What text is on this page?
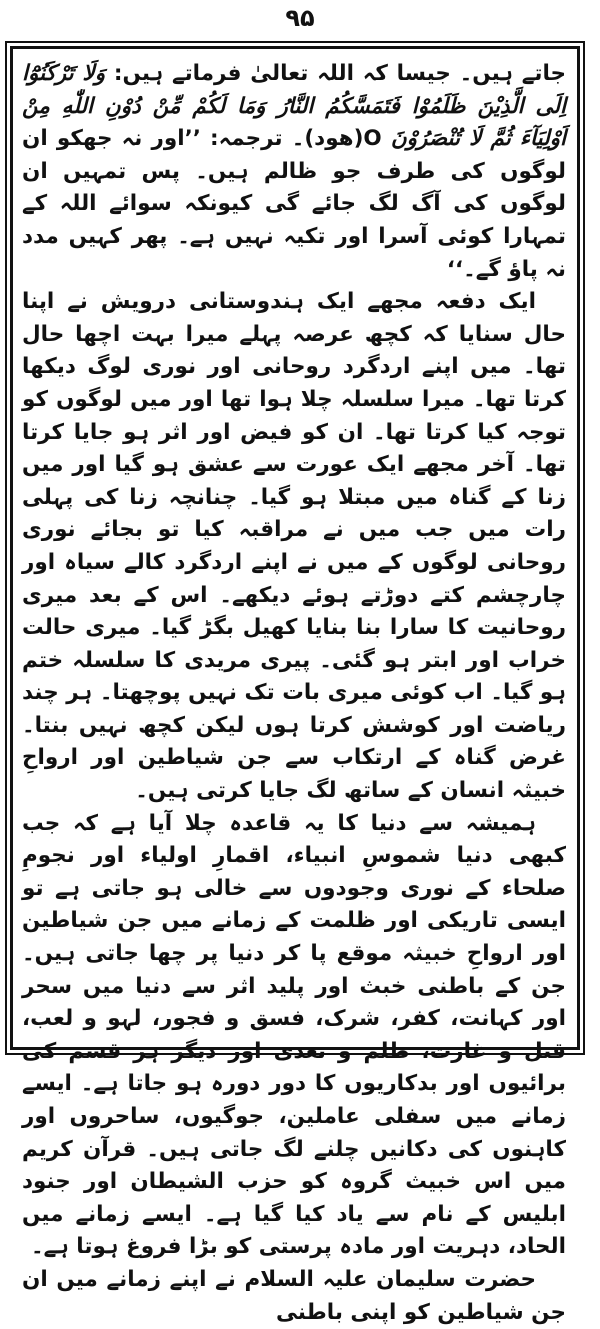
۹۵

جاتے ہیں۔ جیسا کہ اللہ تعالیٰ فرماتے ہیں: وَلَا تَرْكَنُوْٓا اِلَى الَّذِيْنَ ظَلَمُوْا فَتَمَسَّكُمُ النَّارُ وَمَا لَكُمْ مِّنْ دُوْنِ اللّٰهِ مِنْ اَوْلِيَآءَ ثُمَّ لَا تُنْصَرُوْنَ O(ھود)۔ ترجمہ: ’’اور نہ جھکو ان لوگوں کی طرف جو ظالم ہیں۔ پس تمہیں ان لوگوں کی آگ لگ جائے گی کیونکہ سوائے اللہ کے تمہارا کوئی آسرا اور تکیہ نہیں ہے۔ پھر کہیں مدد نہ پاؤ گے۔‘‘

ایک دفعہ مجھے ایک ہندوستانی درویش نے اپنا حال سنایا کہ کچھ عرصہ پہلے میرا بہت اچھا حال تھا۔ میں اپنے اردگرد روحانی اور نوری لوگ دیکھا کرتا تھا۔ میرا سلسلہ چلا ہوا تھا اور میں لوگوں کو توجہ کیا کرتا تھا۔ ان کو فیض اور اثر ہو جایا کرتا تھا۔ آخر مجھے ایک عورت سے عشق ہو گیا اور میں زنا کے گناہ میں مبتلا ہو گیا۔ چنانچہ زنا کی پہلی رات میں جب میں نے مراقبہ کیا تو بجائے نوری روحانی لوگوں کے میں نے اپنے اردگرد کالے سیاہ اور چارچشم کتے دوڑتے ہوئے دیکھے۔ اس کے بعد میری روحانیت کا سارا بنا بنایا کھیل بگڑ گیا۔ میری حالت خراب اور ابتر ہو گئی۔ پیری مریدی کا سلسلہ ختم ہو گیا۔ اب کوئی میری بات تک نہیں پوچھتا۔ ہر چند ریاضت اور کوشش کرتا ہوں لیکن کچھ نہیں بنتا۔ غرض گناہ کے ارتکاب سے جن شیاطین اور ارواحِ خبیثہ انسان کے ساتھ لگ جایا کرتی ہیں۔

ہمیشہ سے دنیا کا یہ قاعدہ چلا آیا ہے کہ جب کبھی دنیا شموسِ انبیاء، اقمارِ اولیاء اور نجومِ صلحاء کے نوری وجودوں سے خالی ہو جاتی ہے تو ایسی تاریکی اور ظلمت کے زمانے میں جن شیاطین اور ارواحِ خبیثہ موقع پا کر دنیا پر چھا جاتی ہیں۔ جن کے باطنی خبث اور پلید اثر سے دنیا میں سحر اور کہانت، کفر، شرک، فسق و فجور، لہو و لعب، قتل و غارت، ظلم و تعدی اور دیگر ہر قسم کی برائیوں اور بدکاریوں کا دور دورہ ہو جاتا ہے۔ ایسے زمانے میں سفلی عاملین، جوگیوں، ساحروں اور کاہنوں کی دکانیں چلنے لگ جاتی ہیں۔ قرآن کریم میں اس خبیث گروہ کو حزب الشیطان اور جنود ابلیس کے نام سے یاد کیا گیا ہے۔ ایسے زمانے میں الحاد، دہریت اور مادہ پرستی کو بڑا فروغ ہوتا ہے۔

حضرت سلیمان علیہ السلام نے اپنے زمانے میں ان جن شیاطین کو اپنی باطنی
